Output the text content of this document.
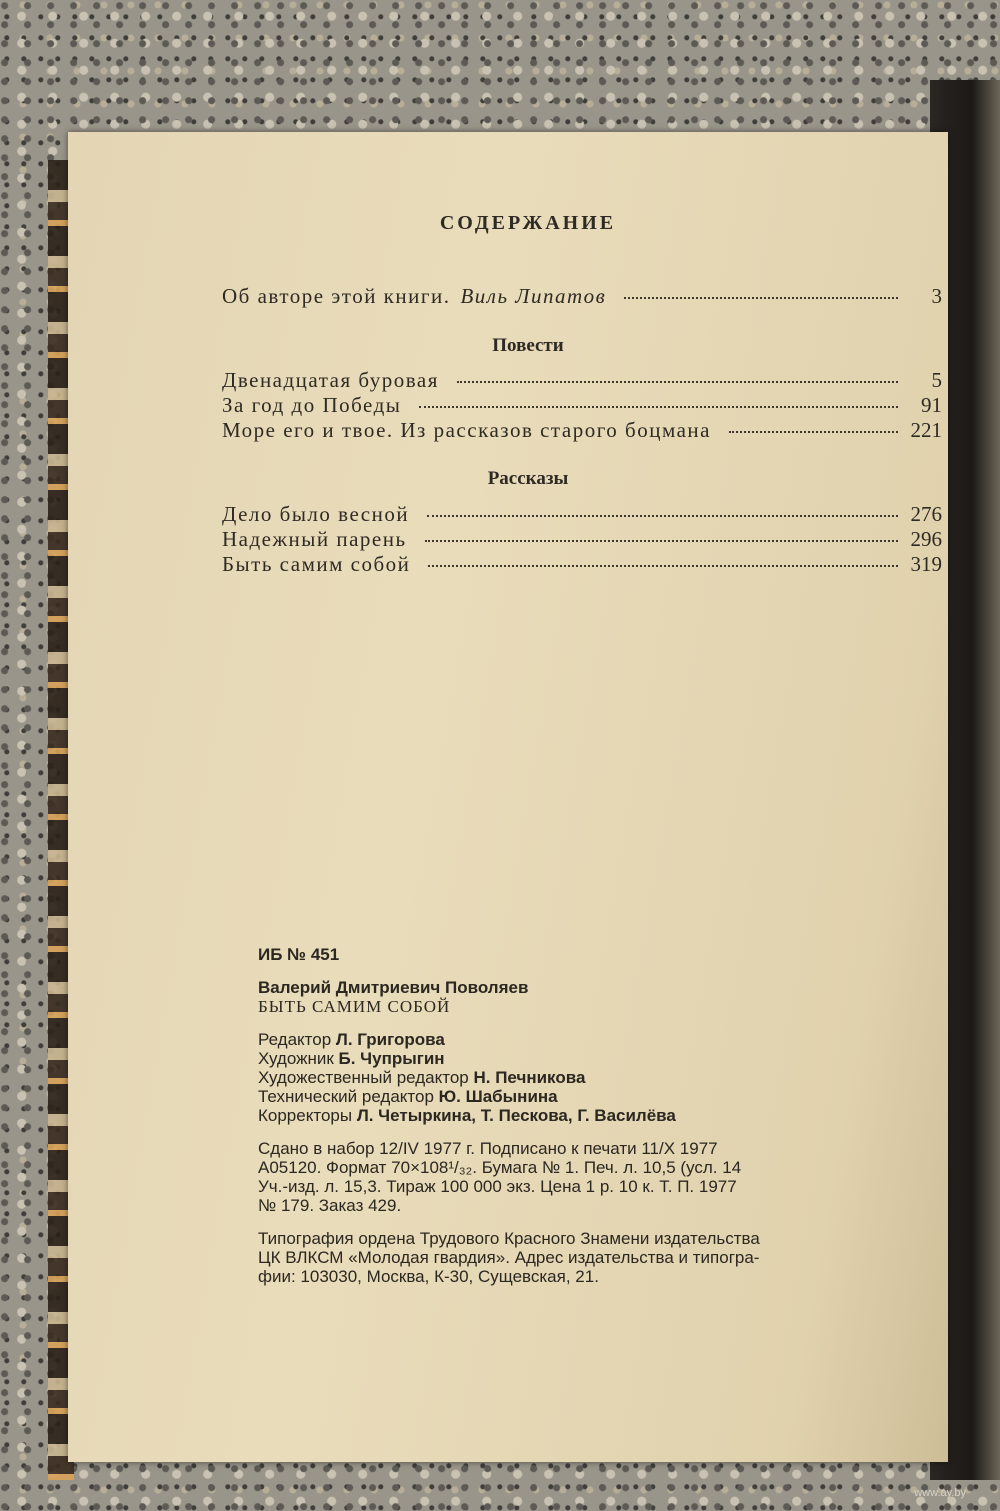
СОДЕРЖАНИЕ
Об авторе этой книги. Виль Липатов	3
Повести
Двенадцатая буровая	5
За год до Победы	91
Море его и твое. Из рассказов старого боцмана	221
Рассказы
Дело было весной	276
Надежный парень	296
Быть самим собой	319
ИБ № 451
Валерий Дмитриевич Поволяев
БЫТЬ САМИМ СОБОЙ
Редактор Л. Григорова
Художник Б. Чупрыгин
Художественный редактор Н. Печникова
Технический редактор Ю. Шабынина
Корректоры Л. Четыркина, Т. Пескова, Г. Василёва
Сдано в набор 12/IV 1977 г. Подписано к печати 11/X 1977
А05120. Формат 70×108¹/₃₂. Бумага № 1. Печ. л. 10,5 (усл. 14
Уч.-изд. л. 15,3. Тираж 100 000 экз. Цена 1 р. 10 к. Т. П. 1977
№ 179. Заказ 429.
Типография ордена Трудового Красного Знамени издательства
ЦК ВЛКСМ «Молодая гвардия». Адрес издательства и типогра-
фии: 103030, Москва, К-30, Сущевская, 21.
www.ay.by
